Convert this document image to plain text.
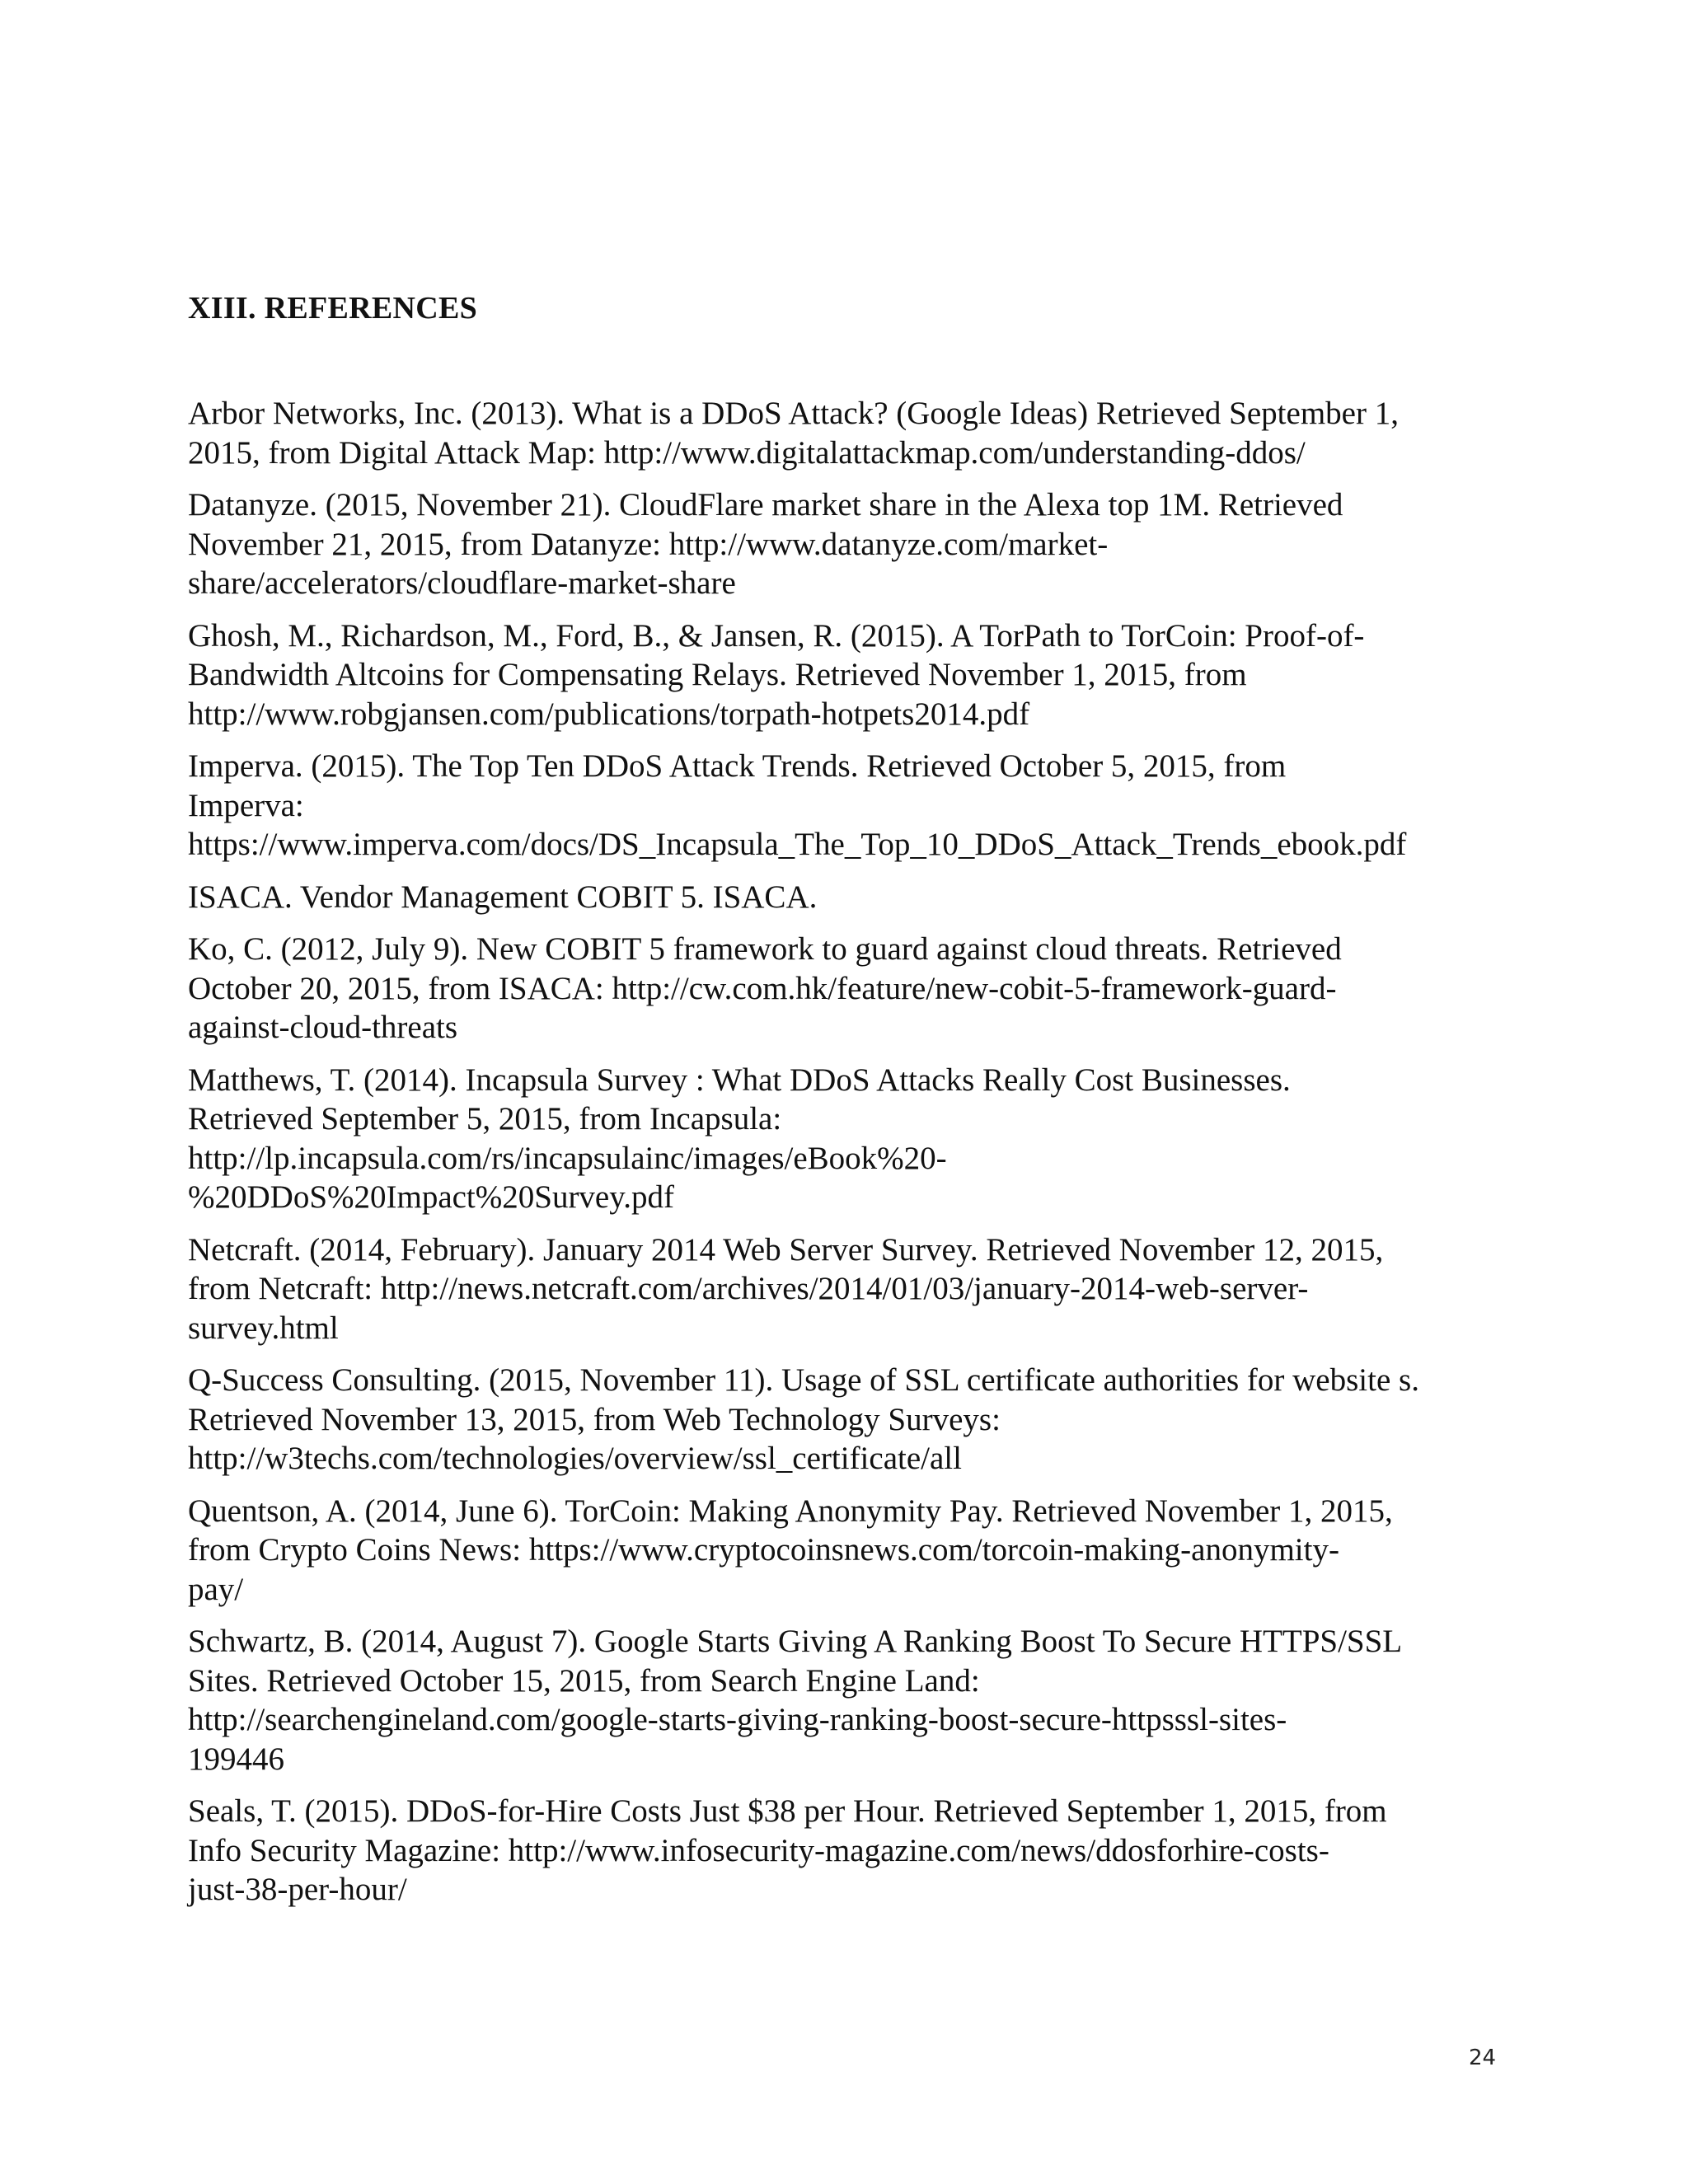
XIII. REFERENCES
Arbor Networks, Inc. (2013). What is a DDoS Attack? (Google Ideas) Retrieved September 1,
2015, from Digital Attack Map: http://www.digitalattackmap.com/understanding-ddos/
Datanyze. (2015, November 21). CloudFlare market share in the Alexa top 1M. Retrieved
November 21, 2015, from Datanyze: http://www.datanyze.com/market-
share/accelerators/cloudflare-market-share
Ghosh, M., Richardson, M., Ford, B., & Jansen, R. (2015). A TorPath to TorCoin: Proof-of-
Bandwidth Altcoins for Compensating Relays. Retrieved November 1, 2015, from
http://www.robgjansen.com/publications/torpath-hotpets2014.pdf
Imperva. (2015). The Top Ten DDoS Attack Trends. Retrieved October 5, 2015, from
Imperva:
https://www.imperva.com/docs/DS_Incapsula_The_Top_10_DDoS_Attack_Trends_ebook.pdf
ISACA. Vendor Management COBIT 5. ISACA.
Ko, C. (2012, July 9). New COBIT 5 framework to guard against cloud threats. Retrieved
October 20, 2015, from ISACA: http://cw.com.hk/feature/new-cobit-5-framework-guard-
against-cloud-threats
Matthews, T. (2014). Incapsula Survey : What DDoS Attacks Really Cost Businesses.
Retrieved September 5, 2015, from Incapsula:
http://lp.incapsula.com/rs/incapsulainc/images/eBook%20-
%20DDoS%20Impact%20Survey.pdf
Netcraft. (2014, February). January 2014 Web Server Survey. Retrieved November 12, 2015,
from Netcraft: http://news.netcraft.com/archives/2014/01/03/january-2014-web-server-
survey.html
Q-Success Consulting. (2015, November 11). Usage of SSL certificate authorities for website s.
Retrieved November 13, 2015, from Web Technology Surveys:
http://w3techs.com/technologies/overview/ssl_certificate/all
Quentson, A. (2014, June 6). TorCoin: Making Anonymity Pay. Retrieved November 1, 2015,
from Crypto Coins News: https://www.cryptocoinsnews.com/torcoin-making-anonymity-
pay/
Schwartz, B. (2014, August 7). Google Starts Giving A Ranking Boost To Secure HTTPS/SSL
Sites. Retrieved October 15, 2015, from Search Engine Land:
http://searchengineland.com/google-starts-giving-ranking-boost-secure-httpsssl-sites-
199446
Seals, T. (2015). DDoS-for-Hire Costs Just $38 per Hour. Retrieved September 1, 2015, from
Info Security Magazine: http://www.infosecurity-magazine.com/news/ddosforhire-costs-
just-38-per-hour/
24
